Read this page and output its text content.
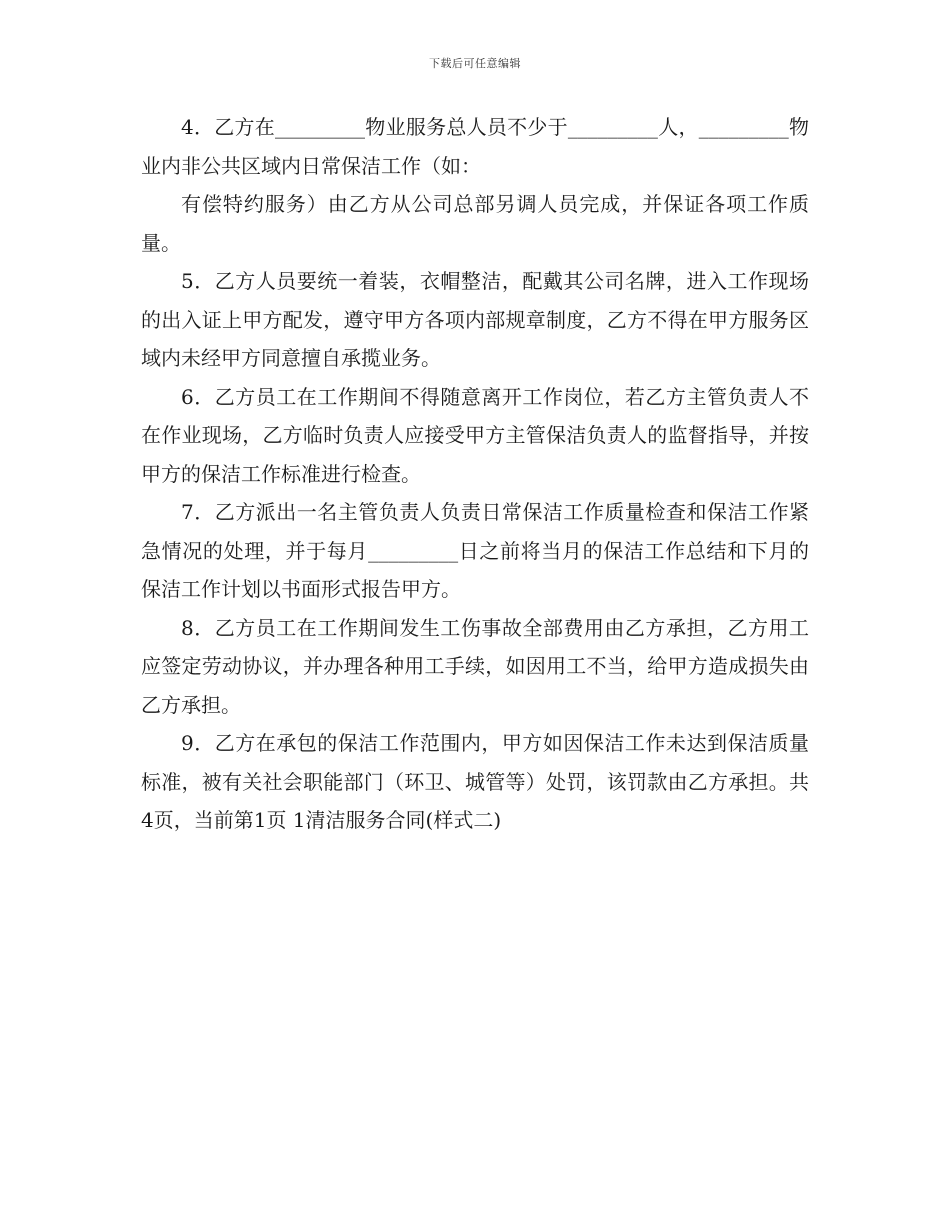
下载后可任意编辑

4．乙方在_________物业服务总人员不少于_________人，_________物业内非公共区域内日常保洁工作（如：

有偿特约服务）由乙方从公司总部另调人员完成，并保证各项工作质量。

5．乙方人员要统一着装，衣帽整洁，配戴其公司名牌，进入工作现场的出入证上甲方配发，遵守甲方各项内部规章制度，乙方不得在甲方服务区域内未经甲方同意擅自承揽业务。

6．乙方员工在工作期间不得随意离开工作岗位，若乙方主管负责人不在作业现场，乙方临时负责人应接受甲方主管保洁负责人的监督指导，并按甲方的保洁工作标准进行检查。

7．乙方派出一名主管负责人负责日常保洁工作质量检查和保洁工作紧急情况的处理，并于每月_________日之前将当月的保洁工作总结和下月的保洁工作计划以书面形式报告甲方。

8．乙方员工在工作期间发生工伤事故全部费用由乙方承担，乙方用工应签定劳动协议，并办理各种用工手续，如因用工不当，给甲方造成损失由乙方承担。

9．乙方在承包的保洁工作范围内，甲方如因保洁工作未达到保洁质量标准，被有关社会职能部门（环卫、城管等）处罚，该罚款由乙方承担。共4页，当前第1页 1清洁服务合同(样式二)
